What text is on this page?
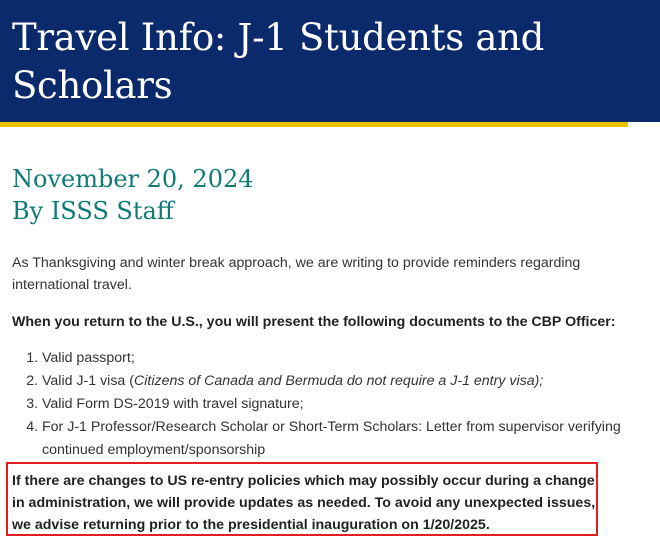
Travel Info: J-1 Students and Scholars
November 20, 2024
By ISSS Staff

As Thanksgiving and winter break approach, we are writing to provide reminders regarding international travel.

When you return to the U.S., you will present the following documents to the CBP Officer:

1. Valid passport;
2. Valid J-1 visa (Citizens of Canada and Bermuda do not require a J-1 entry visa);
3. Valid Form DS-2019 with travel signature;
4. For J-1 Professor/Research Scholar or Short-Term Scholars: Letter from supervisor verifying continued employment/sponsorship

If there are changes to US re-entry policies which may possibly occur during a change in administration, we will provide updates as needed. To avoid any unexpected issues, we advise returning prior to the presidential inauguration on 1/20/2025.
